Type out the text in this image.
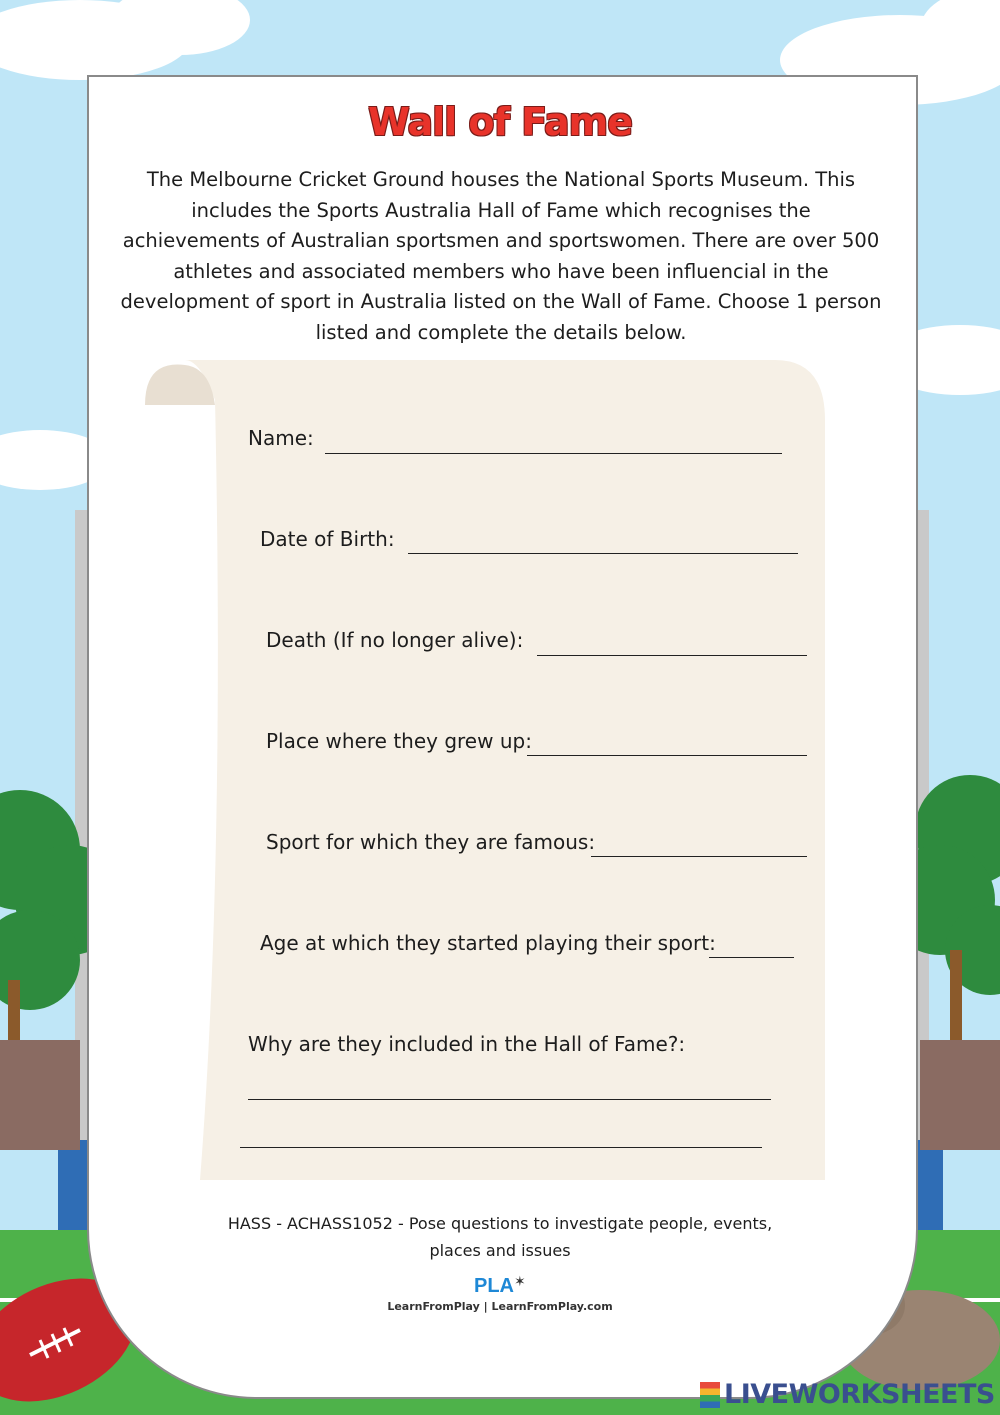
Wall of Fame
The Melbourne Cricket Ground houses the National Sports Museum. This includes the Sports Australia Hall of Fame which recognises the achievements of Australian sportsmen and sportswomen. There are over 500 athletes and associated members who have been influencial in the development of sport in Australia listed on the Wall of Fame. Choose 1 person listed and complete the details below.
Name:
Date of Birth:
Death (If no longer alive):
Place where they grew up:
Sport for which they are famous:
Age at which they started playing their sport:
Why are they included in the Hall of Fame?:
HASS - ACHASS1052 - Pose questions to investigate people, events,
places and issues
PLA ✶
LearnFromPlay | LearnFromPlay.com
LIVEWORKSHEETS
